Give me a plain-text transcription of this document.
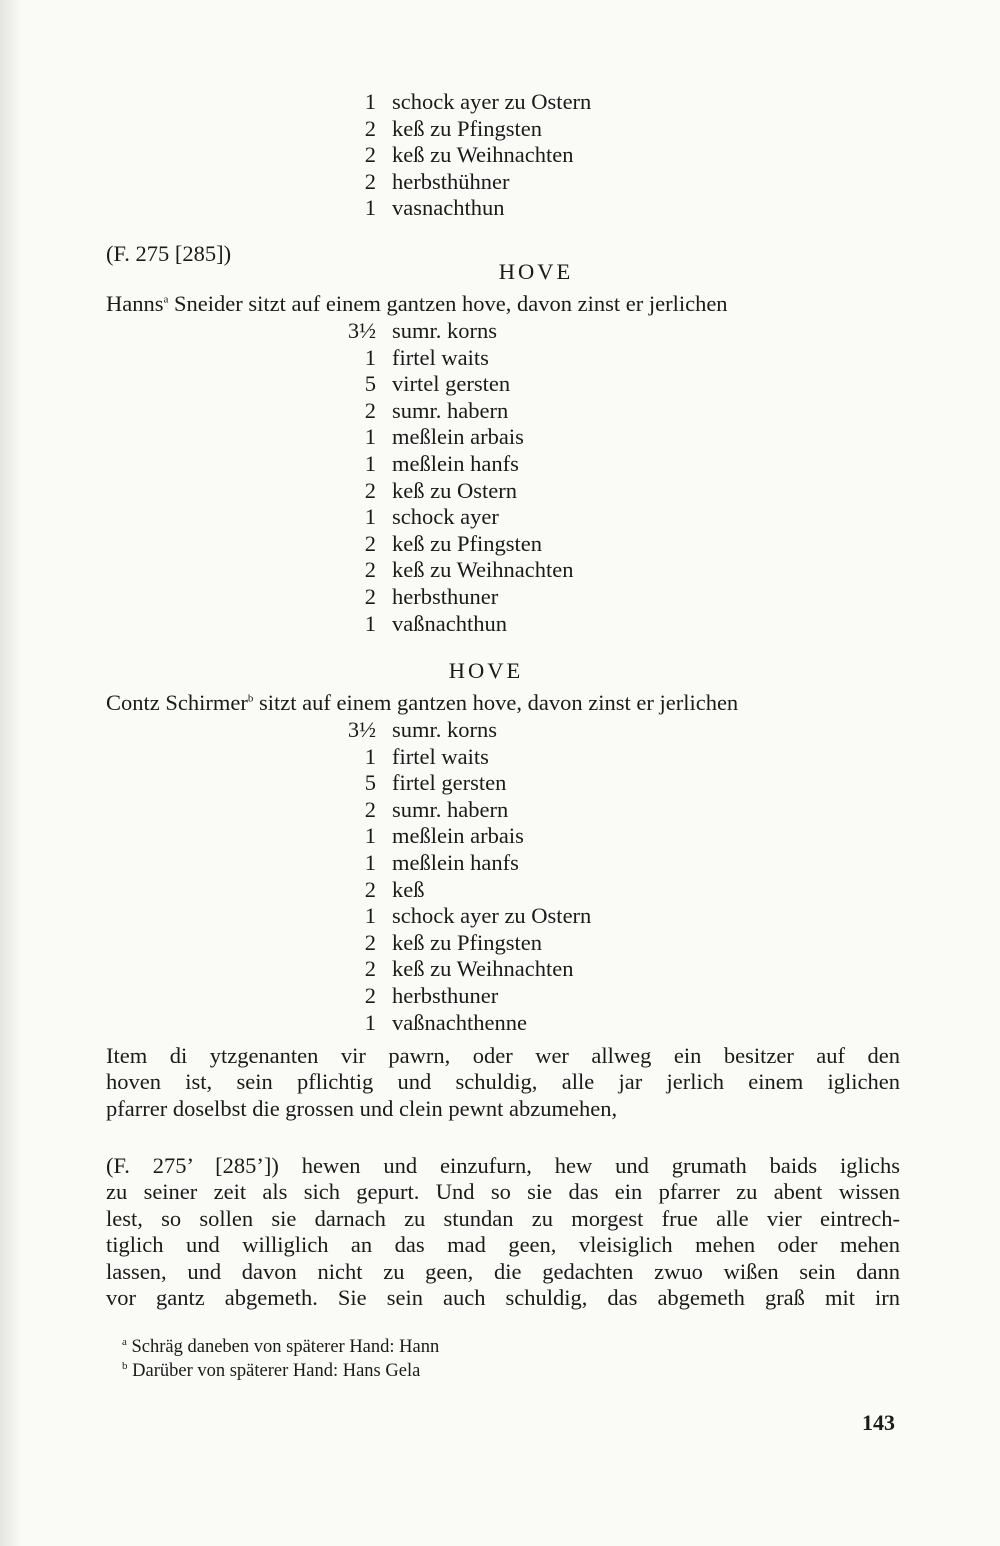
1 schock ayer zu Ostern
2 keß zu Pfingsten
2 keß zu Weihnachten
2 herbsthühner
1 vasnachthun
(F. 275 [285])
HOVE
Hanns$^a$ Sneider sitzt auf einem gantzen hove, davon zinst er jerlichen
3½ sumr. korns
1 firtel waits
5 virtel gersten
2 sumr. habern
1 meßlein arbais
1 meßlein hanfs
2 keß zu Ostern
1 schock ayer
2 keß zu Pfingsten
2 keß zu Weihnachten
2 herbsthuner
1 vaßnachthun
HOVE
Contz Schirmer$^b$ sitzt auf einem gantzen hove, davon zinst er jerlichen
3½ sumr. korns
1 firtel waits
5 firtel gersten
2 sumr. habern
1 meßlein arbais
1 meßlein hanfs
2 keß
1 schock ayer zu Ostern
2 keß zu Pfingsten
2 keß zu Weihnachten
2 herbsthuner
1 vaßnachthenne
Item di ytzgenanten vir pawrn, oder wer allweg ein besitzer auf den
hoven ist, sein pflichtig und schuldig, alle jar jerlich einem iglichen
pfarrer doselbst die grossen und clein pewnt abzumehen,
(F. 275’ [285’]) hewen und einzufurn, hew und grumath baids iglichs
zu seiner zeit als sich gepurt. Und so sie das ein pfarrer zu abent wissen
lest, so sollen sie darnach zu stundan zu morgest frue alle vier eintrech-
tiglich und williglich an das mad geen, vleisiglich mehen oder mehen
lassen, und davon nicht zu geen, die gedachten zwuo wißen sein dann
vor gantz abgemeth. Sie sein auch schuldig, das abgemeth graß mit irn
$^a$ Schräg daneben von späterer Hand: Hann
$^b$ Darüber von späterer Hand: Hans Gela
143
